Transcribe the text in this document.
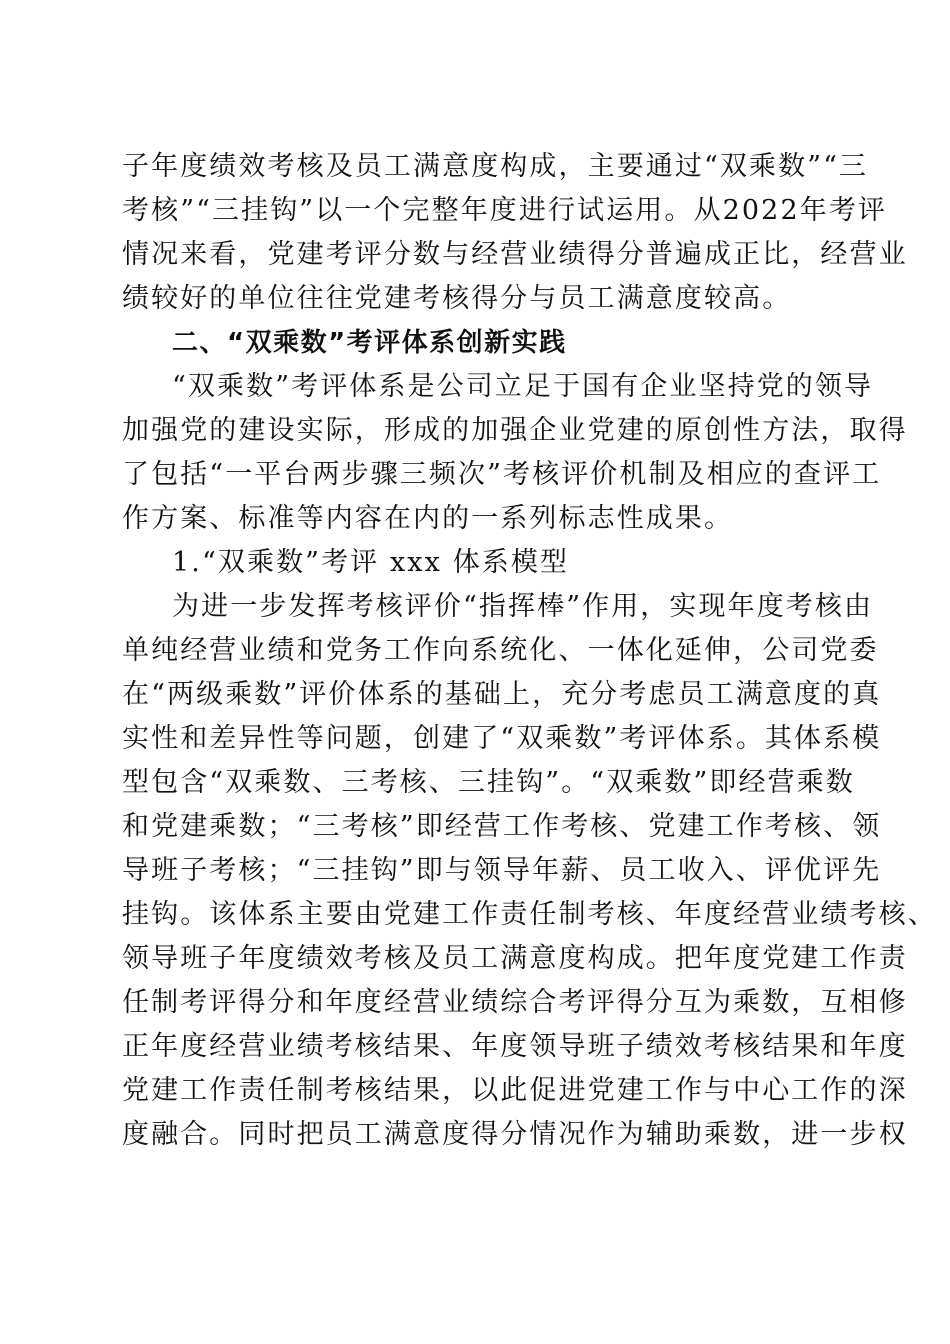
子年度绩效考核及员工满意度构成，主要通过“双乘数”“三
考核”“三挂钩”以一个完整年度进行试运用。从2022年考评
情况来看，党建考评分数与经营业绩得分普遍成正比，经营业
绩较好的单位往往党建考核得分与员工满意度较高。
二、“双乘数”考评体系创新实践
“双乘数”考评体系是公司立足于国有企业坚持党的领导
加强党的建设实际，形成的加强企业党建的原创性方法，取得
了包括“一平台两步骤三频次”考核评价机制及相应的查评工
作方案、标准等内容在内的一系列标志性成果。
1.“双乘数”考评 xxx 体系模型
为进一步发挥考核评价“指挥棒”作用，实现年度考核由
单纯经营业绩和党务工作向系统化、一体化延伸，公司党委
在“两级乘数”评价体系的基础上，充分考虑员工满意度的真
实性和差异性等问题，创建了“双乘数”考评体系。其体系模
型包含“双乘数、三考核、三挂钩”。“双乘数”即经营乘数
和党建乘数；“三考核”即经营工作考核、党建工作考核、领
导班子考核；“三挂钩”即与领导年薪、员工收入、评优评先
挂钩。该体系主要由党建工作责任制考核、年度经营业绩考核、
领导班子年度绩效考核及员工满意度构成。把年度党建工作责
任制考评得分和年度经营业绩综合考评得分互为乘数，互相修
正年度经营业绩考核结果、年度领导班子绩效考核结果和年度
党建工作责任制考核结果，以此促进党建工作与中心工作的深
度融合。同时把员工满意度得分情况作为辅助乘数，进一步权
